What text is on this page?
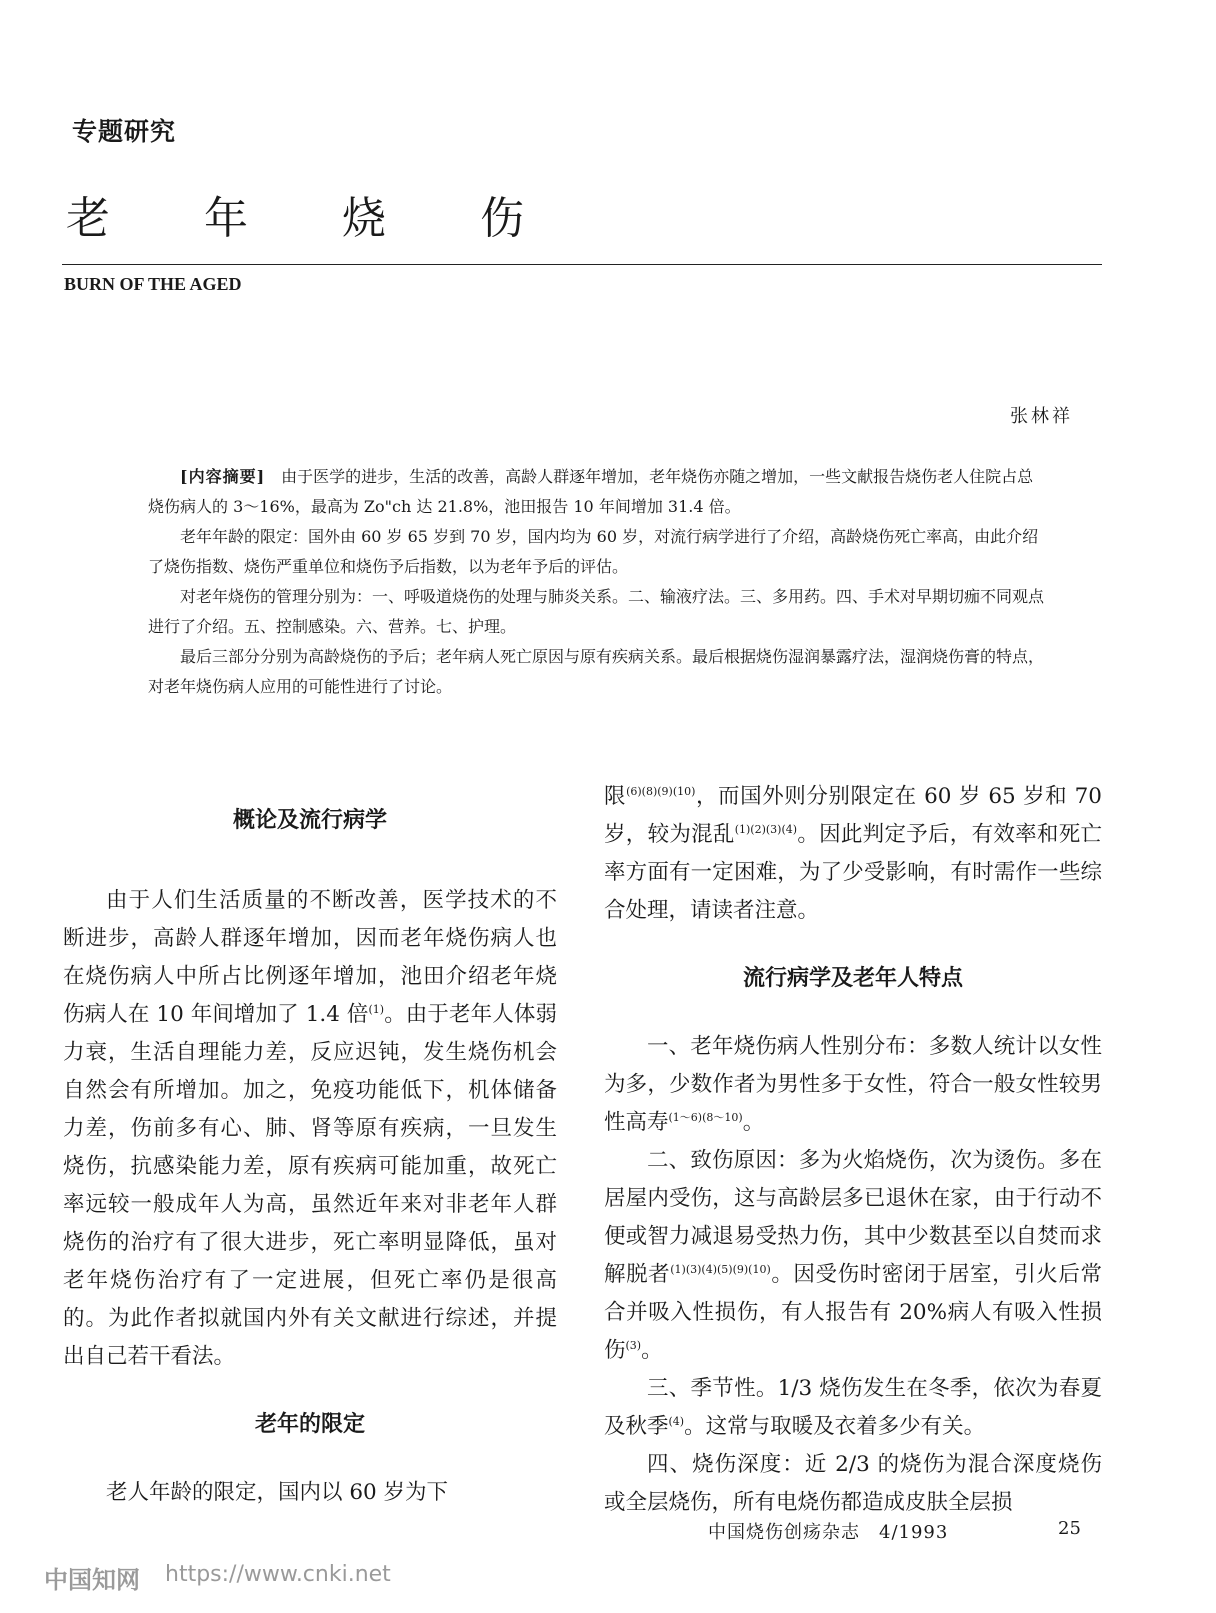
专题研究
老 年 烧 伤
BURN OF THE AGED
张林祥

[内容摘要]　 由于医学的进步，生活的改善，高龄人群逐年增加，老年烧伤亦随之增加，一些文献报告烧伤老人住院占总烧伤病人的 3～16%，最高为 Zo"ch 达 21.8%，池田报告 10 年间增加 31.4 倍。

老年年龄的限定：国外由 60 岁 65 岁到 70 岁，国内均为 60 岁，对流行病学进行了介绍，高龄烧伤死亡率高，由此介绍了烧伤指数、烧伤严重单位和烧伤予后指数，以为老年予后的评估。

对老年烧伤的管理分别为：一、呼吸道烧伤的处理与肺炎关系。二、输液疗法。三、多用药。四、手术对早期切痂不同观点进行了介绍。五、控制感染。六、营养。七、护理。

最后三部分分别为高龄烧伤的予后；老年病人死亡原因与原有疾病关系。最后根据烧伤湿润暴露疗法，湿润烧伤膏的特点，对老年烧伤病人应用的可能性进行了讨论。

概论及流行病学

由于人们生活质量的不断改善，医学技术的不断进步，高龄人群逐年增加，因而老年烧伤病人也在烧伤病人中所占比例逐年增加，池田介绍老年烧伤病人在 10 年间增加了 1.4 倍$^{(1)}$。由于老年人体弱力衰，生活自理能力差，反应迟钝，发生烧伤机会自然会有所增加。加之，免疫功能低下，机体储备力差，伤前多有心、肺、肾等原有疾病，一旦发生烧伤，抗感染能力差，原有疾病可能加重，故死亡率远较一般成年人为高，虽然近年来对非老年人群烧伤的治疗有了很大进步，死亡率明显降低，虽对老年烧伤治疗有了一定进展，但死亡率仍是很高的。为此作者拟就国内外有关文献进行综述，并提出自己若干看法。

老年的限定

老人年龄的限定，国内以 60 岁为下

限$^{(6)(8)(9)(10)}$，而国外则分别限定在 60 岁 65 岁和 70 岁，较为混乱$^{(1)(2)(3)(4)}$。因此判定予后，有效率和死亡率方面有一定困难，为了少受影响，有时需作一些综合处理，请读者注意。

流行病学及老年人特点

一、老年烧伤病人性别分布：多数人统计以女性为多，少数作者为男性多于女性，符合一般女性较男性高寿$^{(1\sim 6)(8\sim 10)}$。

二、致伤原因：多为火焰烧伤，次为烫伤。多在居屋内受伤，这与高龄层多已退休在家，由于行动不便或智力减退易受热力伤，其中少数甚至以自焚而求解脱者$^{(1)(3)(4)(5)(9)(10)}$。因受伤时密闭于居室，引火后常合并吸入性损伤，有人报告有 20%病人有吸入性损伤$^{(3)}$。

三、季节性。1/3 烧伤发生在冬季，依次为春夏及秋季$^{(4)}$。这常与取暖及衣着多少有关。

四、烧伤深度：近 2/3 的烧伤为混合深度烧伤或全层烧伤，所有电烧伤都造成皮肤全层损

中国烧伤创疡杂志　4/1993	25
中国知网 https://www.cnki.net
